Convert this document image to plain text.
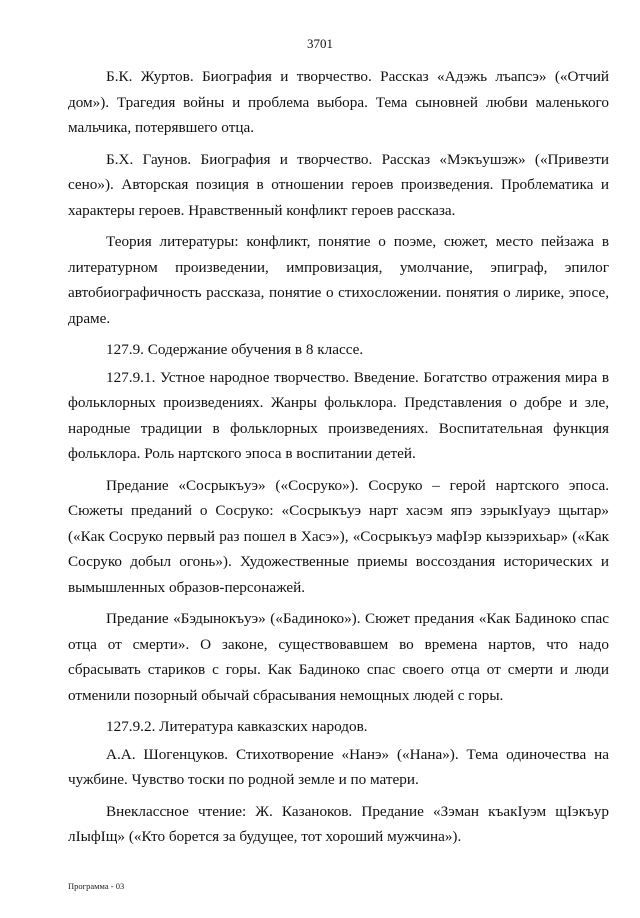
3701

Б.К. Журтов. Биография и творчество. Рассказ «Адэжь лъапсэ» («Отчий дом»). Трагедия войны и проблема выбора. Тема сыновней любви маленького мальчика, потерявшего отца.

Б.Х. Гаунов. Биография и творчество. Рассказ «Мэкъушэж» («Привезти сено»). Авторская позиция в отношении героев произведения. Проблематика и характеры героев. Нравственный конфликт героев рассказа.

Теория литературы: конфликт, понятие о поэме, сюжет, место пейзажа в литературном произведении, импровизация, умолчание, эпиграф, эпилог автобиографичность рассказа, понятие о стихосложении. понятия о лирике, эпосе, драме.

127.9. Содержание обучения в 8 классе.

127.9.1. Устное народное творчество. Введение. Богатство отражения мира в фольклорных произведениях. Жанры фольклора. Представления о добре и зле, народные традиции в фольклорных произведениях. Воспитательная функция фольклора. Роль нартского эпоса в воспитании детей.

Предание «Сосрыкъуэ» («Сосруко»). Сосруко – герой нартского эпоса. Сюжеты преданий о Сосруко: «Сосрыкъуэ нарт хасэм япэ зэрыкIуауэ щытар» («Как Сосруко первый раз пошел в Хасэ»), «Сосрыкъуэ мафIэр кызэрихьар» («Как Сосруко добыл огонь»). Художественные приемы воссоздания исторических и вымышленных образов-персонажей.

Предание «Бэдынокъуэ» («Бадиноко»). Сюжет предания «Как Бадиноко спас отца от смерти». О законе, существовавшем во времена нартов, что надо сбрасывать стариков с горы. Как Бадиноко спас своего отца от смерти и люди отменили позорный обычай сбрасывания немощных людей с горы.

127.9.2. Литература кавказских народов.

А.А. Шогенцуков. Стихотворение «Нанэ» («Нана»). Тема одиночества на чужбине. Чувство тоски по родной земле и по матери.

Внеклассное чтение: Ж. Казаноков. Предание «Зэман къакIуэм щIэкъур лIыфIщ» («Кто борется за будущее, тот хороший мужчина»).

Программа - 03
